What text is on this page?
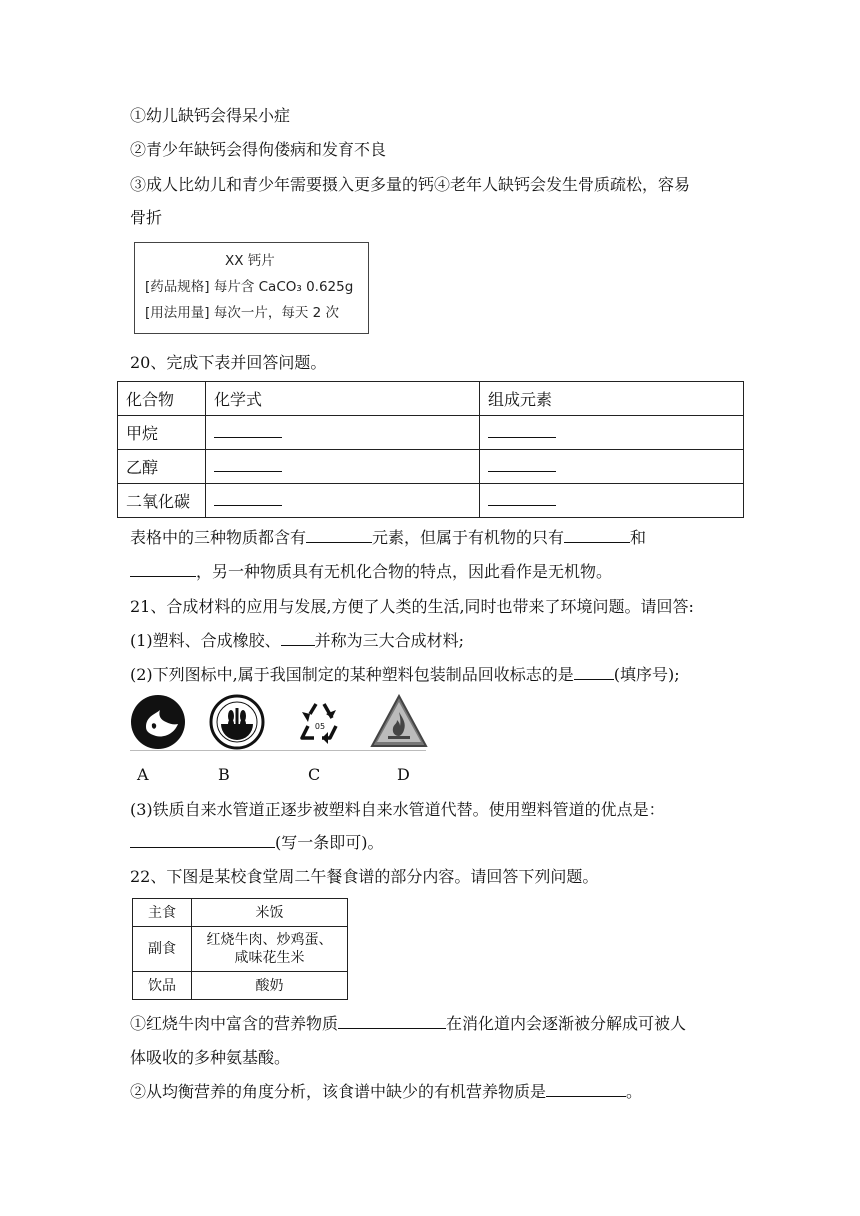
①幼儿缺钙会得呆小症
②青少年缺钙会得佝偻病和发育不良
③成人比幼儿和青少年需要摄入更多量的钙④老年人缺钙会发生骨质疏松，容易
骨折
XX 钙片
[药品规格] 每片含 CaCO₃ 0.625g
[用法用量] 每次一片，每天 2 次
20、完成下表并回答问题。
化合物	化学式	组成元素
甲烷		
乙醇		
二氧化碳		
表格中的三种物质都含有	元素，但属于有机物的只有	和
，另一种物质具有无机化合物的特点，因此看作是无机物。
21、合成材料的应用与发展,方便了人类的生活,同时也带来了环境问题。请回答:
(1)塑料、合成橡胶、 并称为三大合成材料;
(2)下列图标中,属于我国制定的某种塑料包装制品回收标志的是	(填序号);
05
A	B	C	D
(3)铁质自来水管道正逐步被塑料自来水管道代替。使用塑料管道的优点是：
(写一条即可)。
22、下图是某校食堂周二午餐食谱的部分内容。请回答下列问题。
主食	米饭
副食	红烧牛肉、炒鸡蛋、
咸味花生米

饮品	酸奶
①红烧牛肉中富含的营养物质	在消化道内会逐渐被分解成可被人
体吸收的多种氨基酸。
②从均衡营养的角度分析，该食谱中缺少的有机营养物质是	。
